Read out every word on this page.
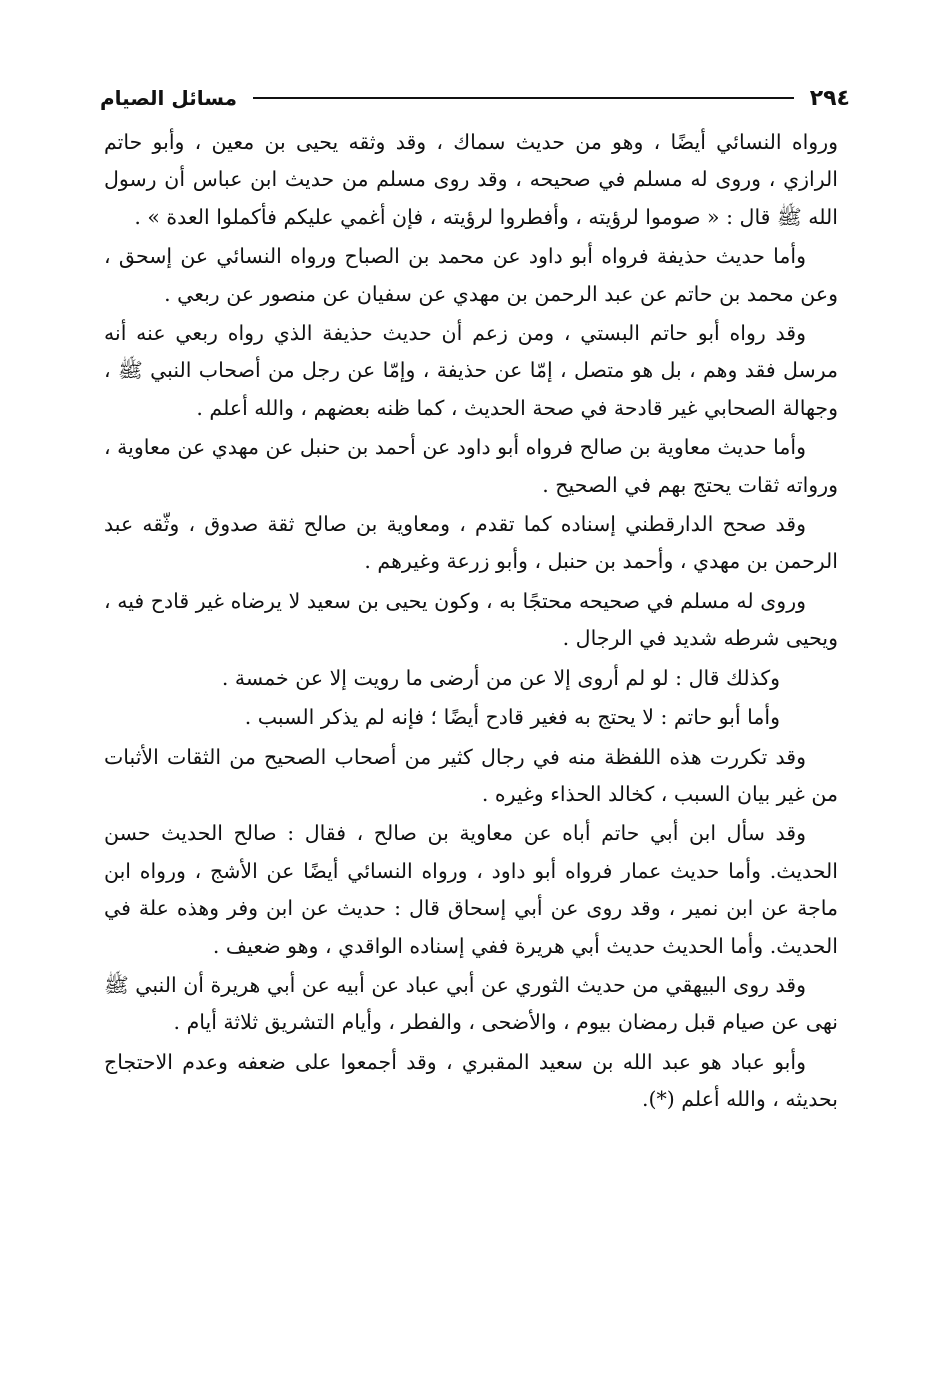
٢٩٤
مسائل الصيام

ورواه النسائي أيضًا ، وهو من حديث سماك ، وقد وثقه يحيى بن معين ، وأبو حاتم الرازي ، وروى له مسلم في صحيحه ، وقد روى مسلم من حديث ابن عباس أن رسول الله ﷺ قال : « صوموا لرؤيته ، وأفطروا لرؤيته ، فإن أغمي عليكم فأكملوا العدة » .

وأما حديث حذيفة فرواه أبو داود عن محمد بن الصباح ورواه النسائي عن إسحق ، وعن محمد بن حاتم عن عبد الرحمن بن مهدي عن سفيان عن منصور عن ربعي .

وقد رواه أبو حاتم البستي ، ومن زعم أن حديث حذيفة الذي رواه ربعي عنه أنه مرسل فقد وهم ، بل هو متصل ، إمّا عن حذيفة ، وإمّا عن رجل من أصحاب النبي ﷺ ، وجهالة الصحابي غير قادحة في صحة الحديث ، كما ظنه بعضهم ، والله أعلم .

وأما حديث معاوية بن صالح فرواه أبو داود عن أحمد بن حنبل عن مهدي عن معاوية ، ورواته ثقات يحتج بهم في الصحيح .

وقد صحح الدارقطني إسناده كما تقدم ، ومعاوية بن صالح ثقة صدوق ، وثّقه عبد الرحمن بن مهدي ، وأحمد بن حنبل ، وأبو زرعة وغيرهم .

وروى له مسلم في صحيحه محتجًا به ، وكون يحيى بن سعيد لا يرضاه غير قادح فيه ، ويحيى شرطه شديد في الرجال .

وكذلك قال : لو لم أروى إلا عن من أرضى ما رويت إلا عن خمسة .

وأما أبو حاتم : لا يحتج به فغير قادح أيضًا ؛ فإنه لم يذكر السبب .

وقد تكررت هذه اللفظة منه في رجال كثير من أصحاب الصحيح من الثقات الأثبات من غير بيان السبب ، كخالد الحذاء وغيره .

وقد سأل ابن أبي حاتم أباه عن معاوية بن صالح ، فقال : صالح الحديث حسن الحديث. وأما حديث عمار فرواه أبو داود ، ورواه النسائي أيضًا عن الأشج ، ورواه ابن ماجة عن ابن نمير ، وقد روى عن أبي إسحاق قال : حديث عن ابن وفر وهذه علة في الحديث. وأما الحديث حديث أبي هريرة ففي إسناده الواقدي ، وهو ضعيف .

وقد روى البيهقي من حديث الثوري عن أبي عباد عن أبيه عن أبي هريرة أن النبي ﷺ نهى عن صيام قبل رمضان بيوم ، والأضحى ، والفطر ، وأيام التشريق ثلاثة أيام .

وأبو عباد هو عبد الله بن سعيد المقبري ، وقد أجمعوا على ضعفه وعدم الاحتجاج بحديثه ، والله أعلم (*).
